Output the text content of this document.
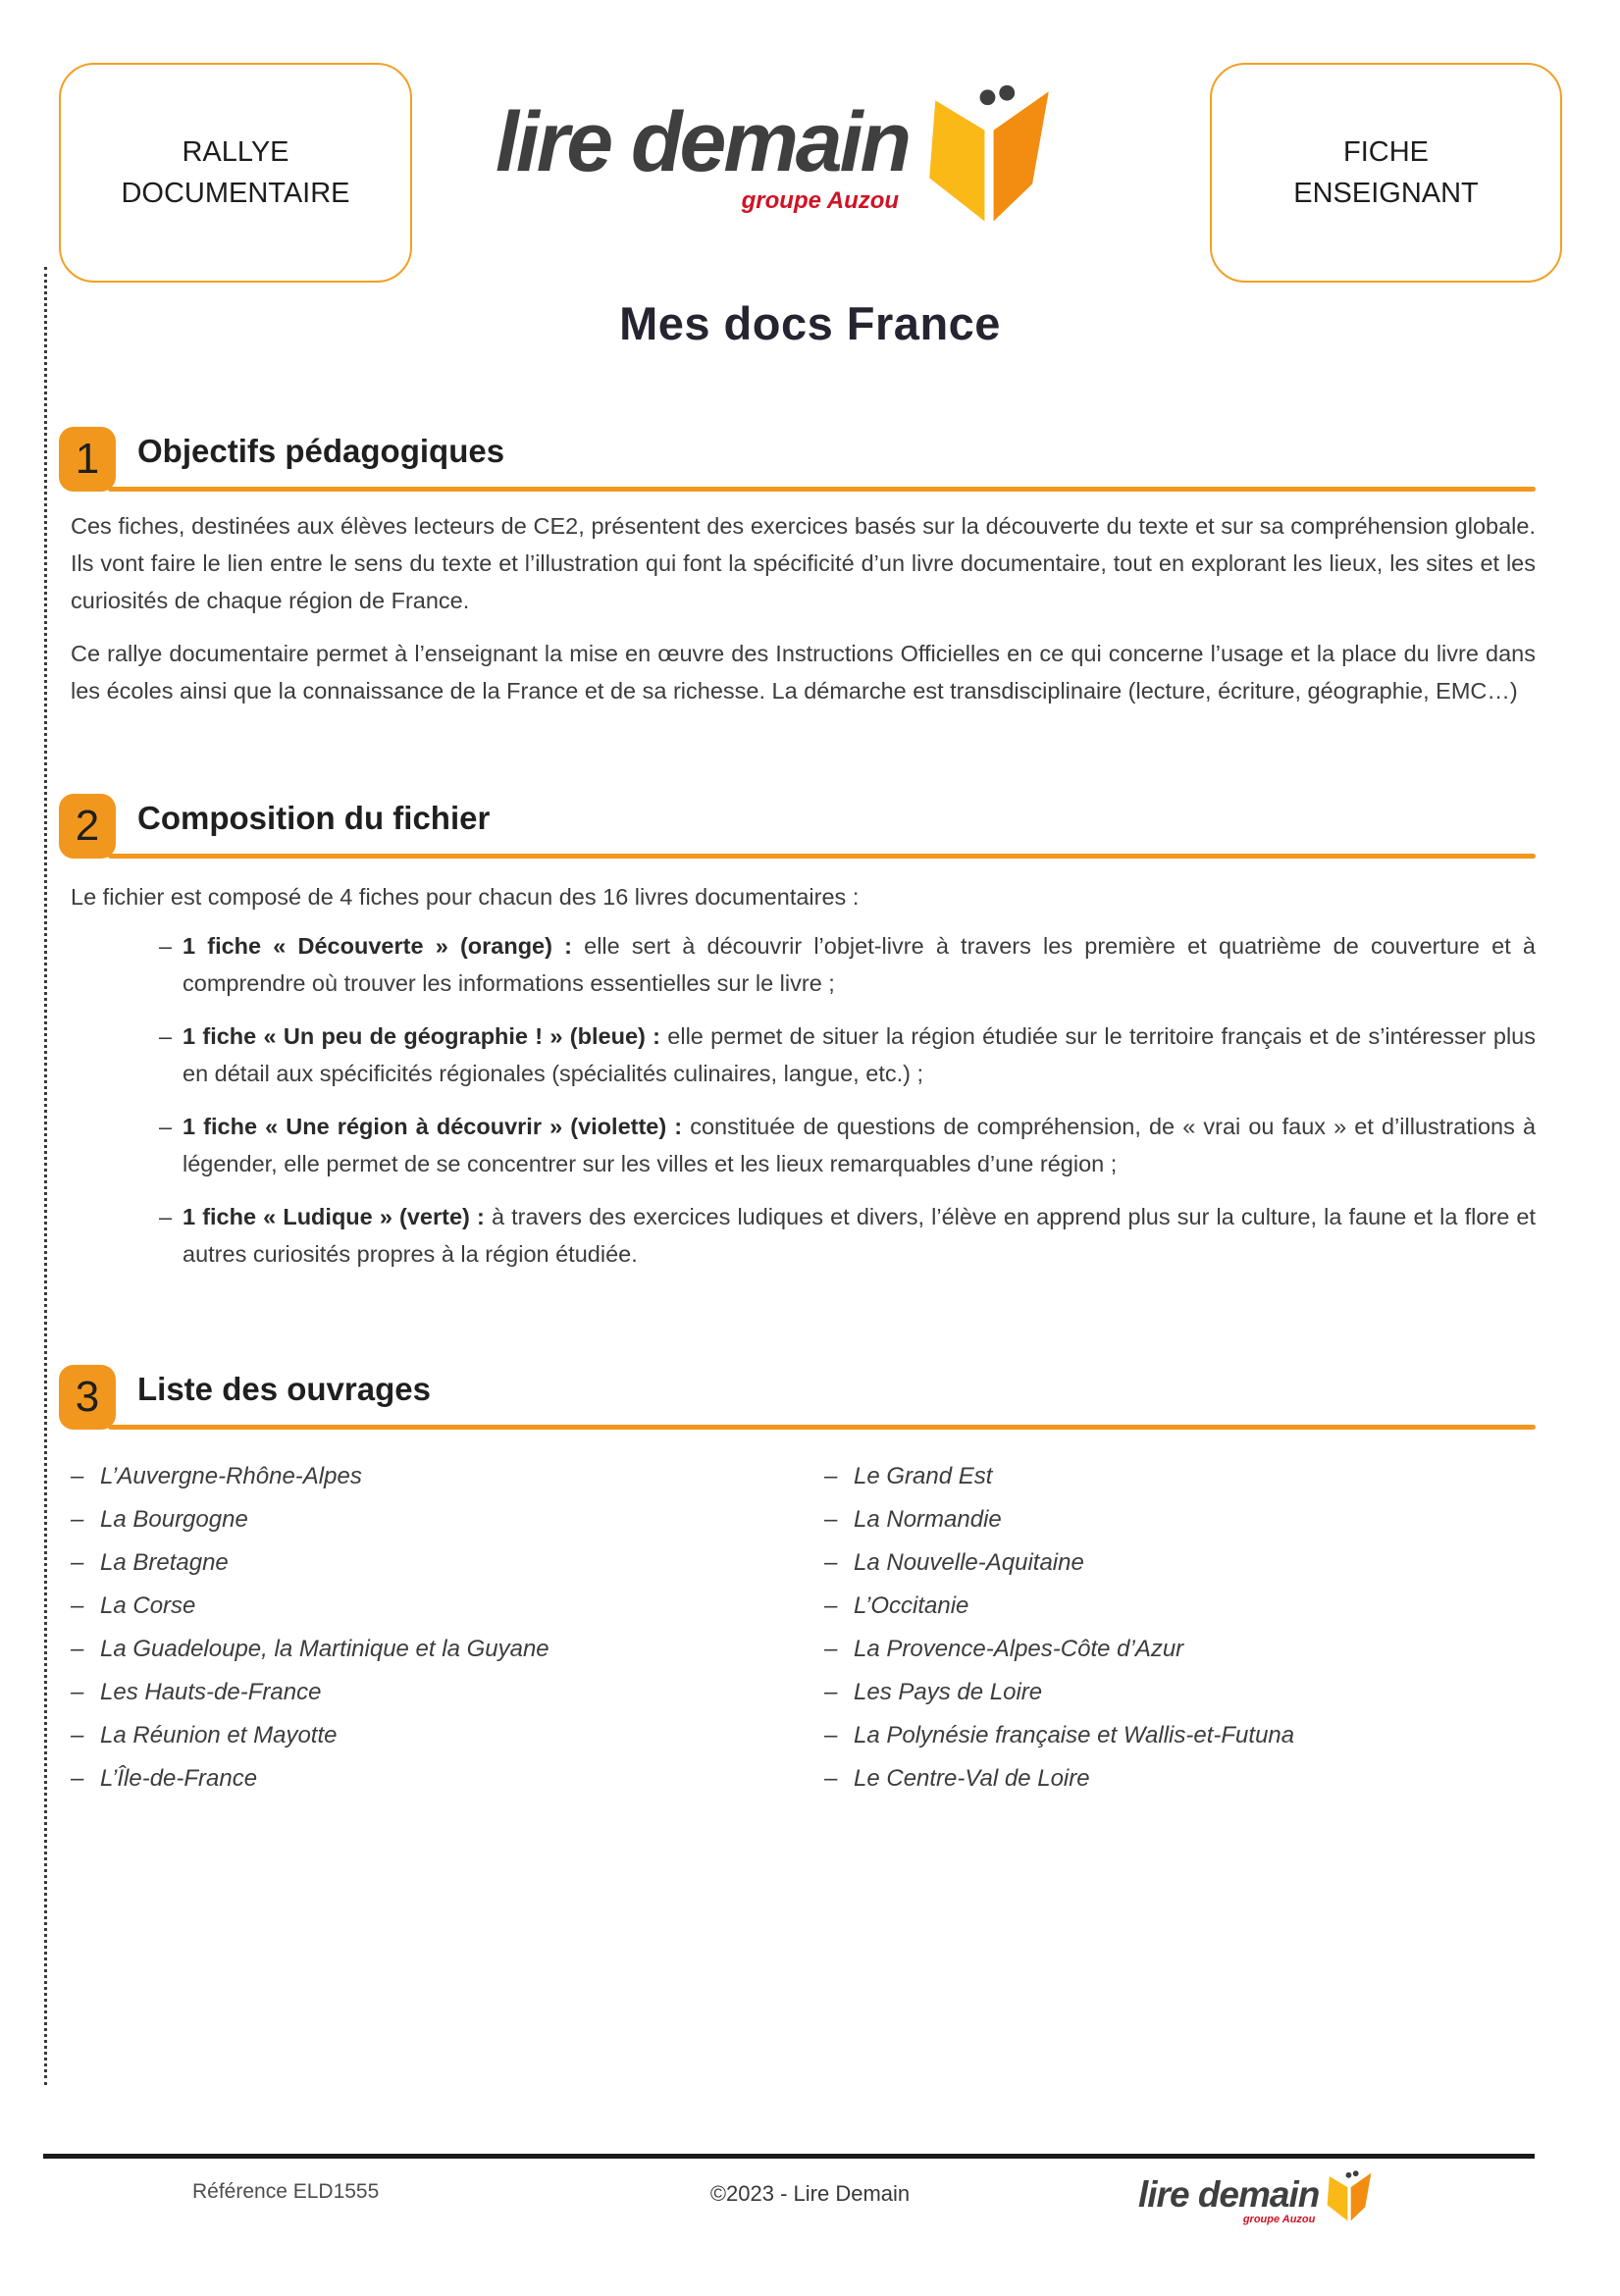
RALLYE
DOCUMENTAIRE
lire demain
groupe Auzou
FICHE
ENSEIGNANT
Mes docs France
1	Objectifs pédagogiques

Ces fiches, destinées aux élèves lecteurs de CE2, présentent des exercices basés sur la découverte du texte et sur sa compréhension globale. Ils vont faire le lien entre le sens du texte et l’illustration qui font la spécificité d’un livre documentaire, tout en explorant les lieux, les sites et les curiosités de chaque région de France.

Ce rallye documentaire permet à l’enseignant la mise en œuvre des Instructions Officielles en ce qui concerne l’usage et la place du livre dans les écoles ainsi que la connaissance de la France et de sa richesse. La démarche est transdisciplinaire (lecture, écriture, géographie, EMC…)

2	Composition du fichier

Le fichier est composé de 4 fiches pour chacun des 16 livres documentaires :

– 1 fiche « Découverte » (orange) : elle sert à découvrir l’objet-livre à travers les première et quatrième de couverture et à comprendre où trouver les informations essentielles sur le livre ;
– 1 fiche « Un peu de géographie ! » (bleue) : elle permet de situer la région étudiée sur le territoire français et de s’intéresser plus en détail aux spécificités régionales (spécialités culinaires, langue, etc.) ;
– 1 fiche « Une région à découvrir » (violette) : constituée de questions de compréhension, de « vrai ou faux » et d’illustrations à légender, elle permet de se concentrer sur les villes et les lieux remarquables d’une région ;
– 1 fiche « Ludique » (verte) : à travers des exercices ludiques et divers, l’élève en apprend plus sur la culture, la faune et la flore et autres curiosités propres à la région étudiée.
3	Liste des ouvrages
– L’Auvergne-Rhône-Alpes
– La Bourgogne
– La Bretagne
– La Corse
– La Guadeloupe, la Martinique et la Guyane
– Les Hauts-de-France
– La Réunion et Mayotte
– L’Île-de-France
– Le Grand Est
– La Normandie
– La Nouvelle-Aquitaine
– L’Occitanie
– La Provence-Alpes-Côte d’Azur
– Les Pays de Loire
– La Polynésie française et Wallis-et-Futuna
– Le Centre-Val de Loire
Référence ELD1555	©2023 - Lire Demain	lire demain
groupe Auzou
